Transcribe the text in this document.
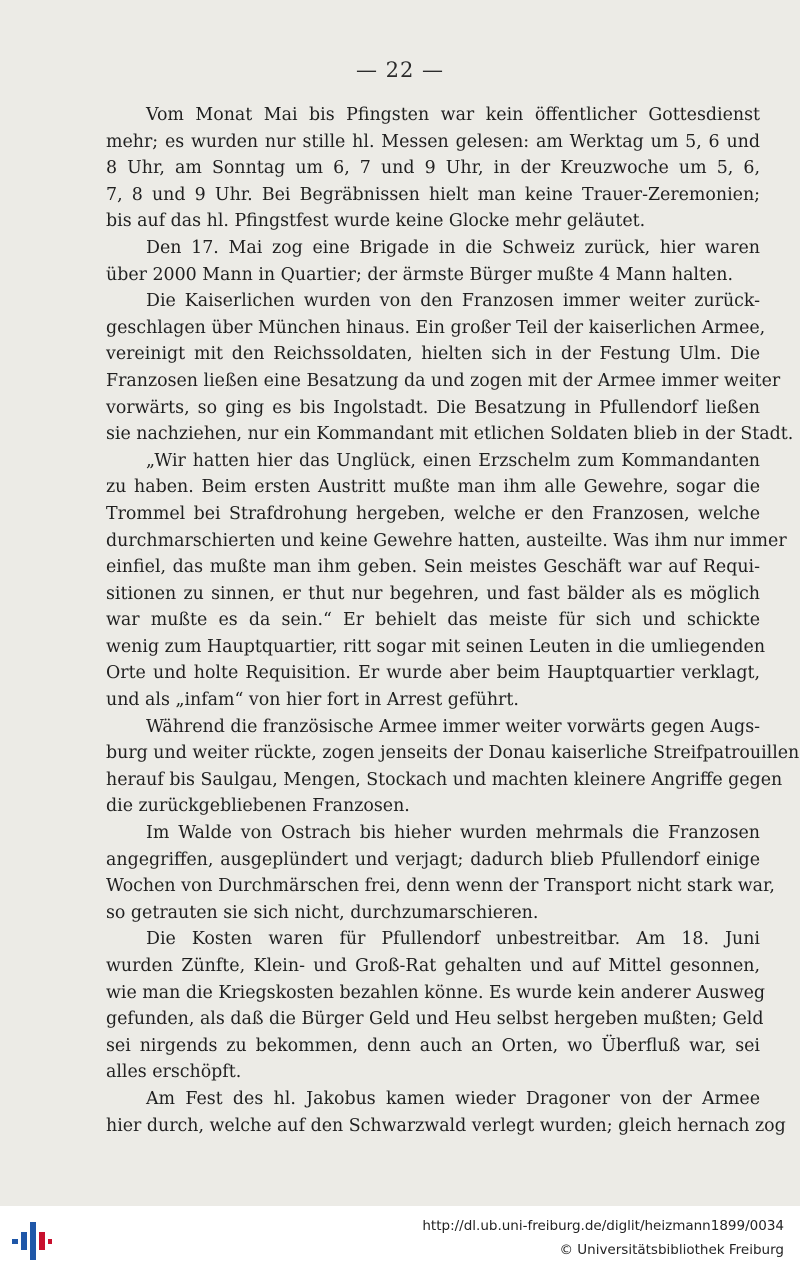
— 22 —
Vom Monat Mai bis Pfingsten war kein öffentlicher Gottesdienst
mehr; es wurden nur stille hl. Messen gelesen: am Werktag um 5, 6 und
8 Uhr, am Sonntag um 6, 7 und 9 Uhr, in der Kreuzwoche um 5, 6,
7, 8 und 9 Uhr. Bei Begräbnissen hielt man keine Trauer-Zeremonien;
bis auf das hl. Pfingstfest wurde keine Glocke mehr geläutet.
Den 17. Mai zog eine Brigade in die Schweiz zurück, hier waren
über 2000 Mann in Quartier; der ärmste Bürger mußte 4 Mann halten.
Die Kaiserlichen wurden von den Franzosen immer weiter zurück-
geschlagen über München hinaus. Ein großer Teil der kaiserlichen Armee,
vereinigt mit den Reichssoldaten, hielten sich in der Festung Ulm. Die
Franzosen ließen eine Besatzung da und zogen mit der Armee immer weiter
vorwärts, so ging es bis Ingolstadt. Die Besatzung in Pfullendorf ließen
sie nachziehen, nur ein Kommandant mit etlichen Soldaten blieb in der Stadt.
„Wir hatten hier das Unglück, einen Erzschelm zum Kommandanten
zu haben. Beim ersten Austritt mußte man ihm alle Gewehre, sogar die
Trommel bei Strafdrohung hergeben, welche er den Franzosen, welche
durchmarschierten und keine Gewehre hatten, austeilte. Was ihm nur immer
einfiel, das mußte man ihm geben. Sein meistes Geschäft war auf Requi-
sitionen zu sinnen, er thut nur begehren, und fast bälder als es möglich
war mußte es da sein.“ Er behielt das meiste für sich und schickte
wenig zum Hauptquartier, ritt sogar mit seinen Leuten in die umliegenden
Orte und holte Requisition. Er wurde aber beim Hauptquartier verklagt,
und als „infam“ von hier fort in Arrest geführt.
Während die französische Armee immer weiter vorwärts gegen Augs-
burg und weiter rückte, zogen jenseits der Donau kaiserliche Streifpatrouillen
herauf bis Saulgau, Mengen, Stockach und machten kleinere Angriffe gegen
die zurückgebliebenen Franzosen.
Im Walde von Ostrach bis hieher wurden mehrmals die Franzosen
angegriffen, ausgeplündert und verjagt; dadurch blieb Pfullendorf einige
Wochen von Durchmärschen frei, denn wenn der Transport nicht stark war,
so getrauten sie sich nicht, durchzumarschieren.
Die Kosten waren für Pfullendorf unbestreitbar. Am 18. Juni
wurden Zünfte, Klein- und Groß-Rat gehalten und auf Mittel gesonnen,
wie man die Kriegskosten bezahlen könne. Es wurde kein anderer Ausweg
gefunden, als daß die Bürger Geld und Heu selbst hergeben mußten; Geld
sei nirgends zu bekommen, denn auch an Orten, wo Überfluß war, sei
alles erschöpft.
Am Fest des hl. Jakobus kamen wieder Dragoner von der Armee
hier durch, welche auf den Schwarzwald verlegt wurden; gleich hernach zog
http://dl.ub.uni-freiburg.de/diglit/heizmann1899/0034
© Universitätsbibliothek Freiburg
